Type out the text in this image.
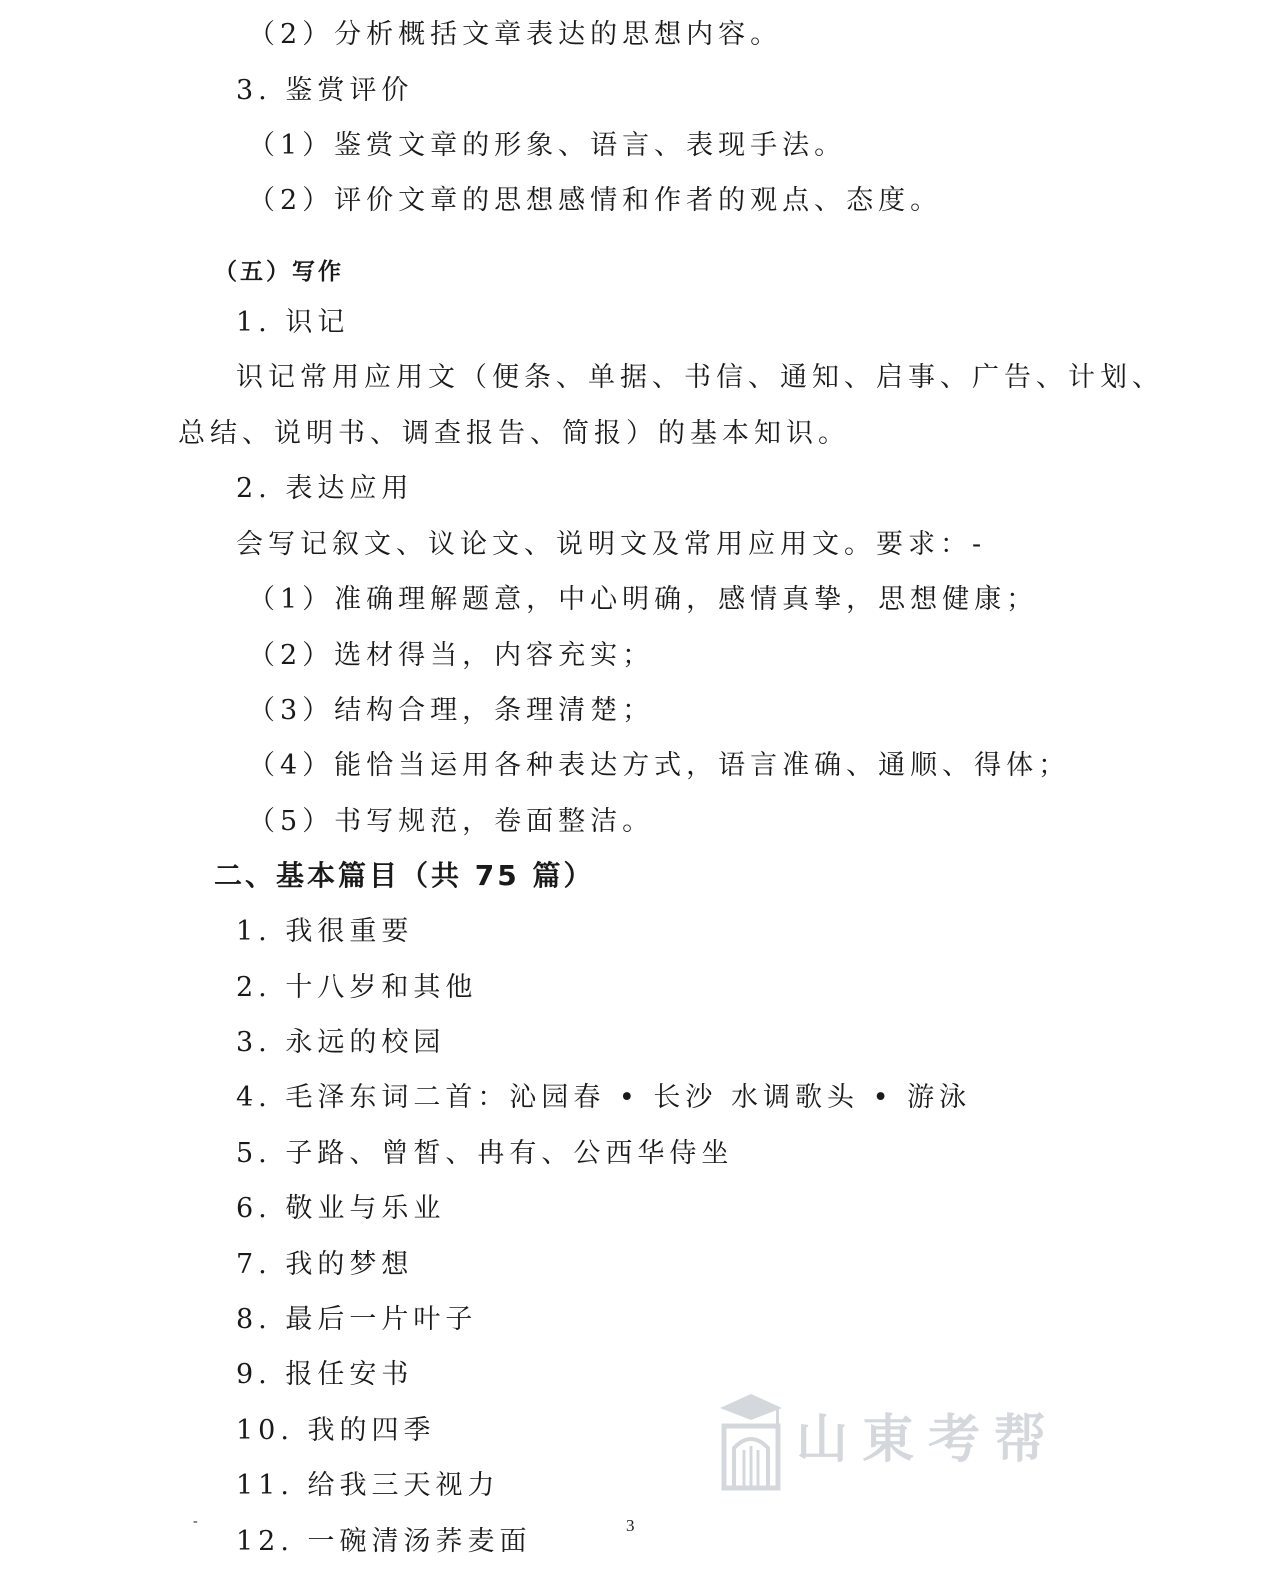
（2）分析概括文章表达的思想内容。
3. 鉴赏评价
（1）鉴赏文章的形象、语言、表现手法。
（2）评价文章的思想感情和作者的观点、态度。
（五）写作
1. 识记
识记常用应用文（便条、单据、书信、通知、启事、广告、计划、
总结、说明书、调查报告、简报）的基本知识。
2. 表达应用
会写记叙文、议论文、说明文及常用应用文。要求：-
（1）准确理解题意，中心明确，感情真挚，思想健康；
（2）选材得当，内容充实；
（3）结构合理，条理清楚；
（4）能恰当运用各种表达方式，语言准确、通顺、得体；
（5）书写规范，卷面整洁。
二、基本篇目（共 75 篇）
1. 我很重要
2. 十八岁和其他
3. 永远的校园
4. 毛泽东词二首：沁园春 • 长沙 水调歌头 • 游泳
5. 子路、曾皙、冉有、公西华侍坐
6. 敬业与乐业
7. 我的梦想
8. 最后一片叶子
9. 报任安书
10. 我的四季
11. 给我三天视力
12. 一碗清汤荞麦面
-	3
山東考帮
